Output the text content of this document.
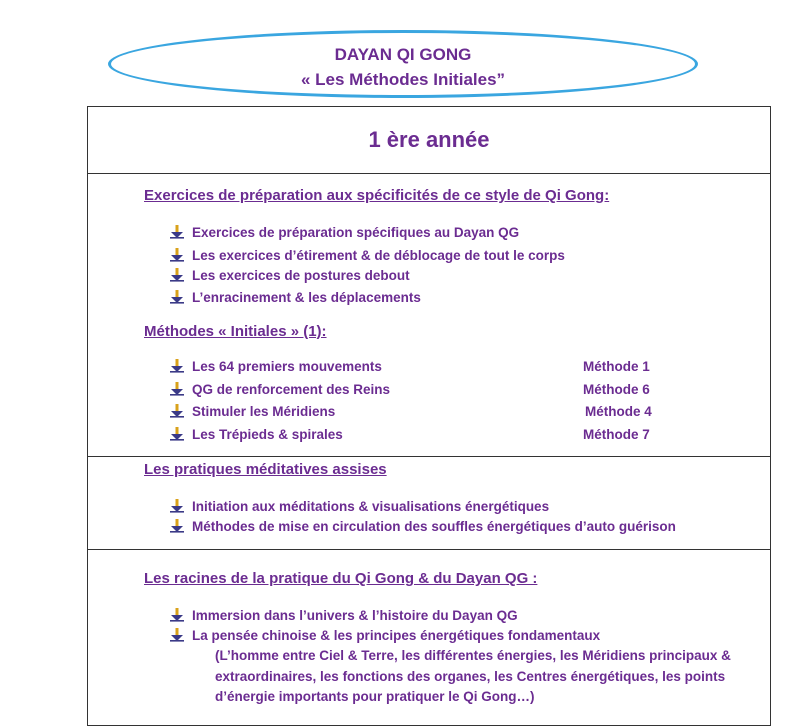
DAYAN QI GONG
« Les Méthodes Initiales”
1 ère année
Exercices de préparation aux spécificités de ce style de Qi Gong:
Exercices de préparation spécifiques au Dayan QG
Les exercices d’étirement & de déblocage de tout le corps
Les exercices de postures debout
L’enracinement & les déplacements
Méthodes « Initiales » (1):
Les 64 premiers mouvements	Méthode 1
QG de renforcement des Reins	Méthode 6
Stimuler les Méridiens	Méthode 4
Les Trépieds & spirales	Méthode 7
Les pratiques méditatives assises
Initiation aux méditations & visualisations énergétiques
Méthodes de mise en circulation des souffles énergétiques d’auto guérison
Les racines de la pratique du Qi Gong & du Dayan QG :
Immersion dans l’univers & l’histoire du Dayan QG
La pensée chinoise & les principes énergétiques fondamentaux
(L’homme entre Ciel & Terre, les différentes énergies, les Méridiens principaux & extraordinaires, les fonctions des organes, les Centres énergétiques, les points d’énergie importants pour pratiquer le Qi Gong…)
